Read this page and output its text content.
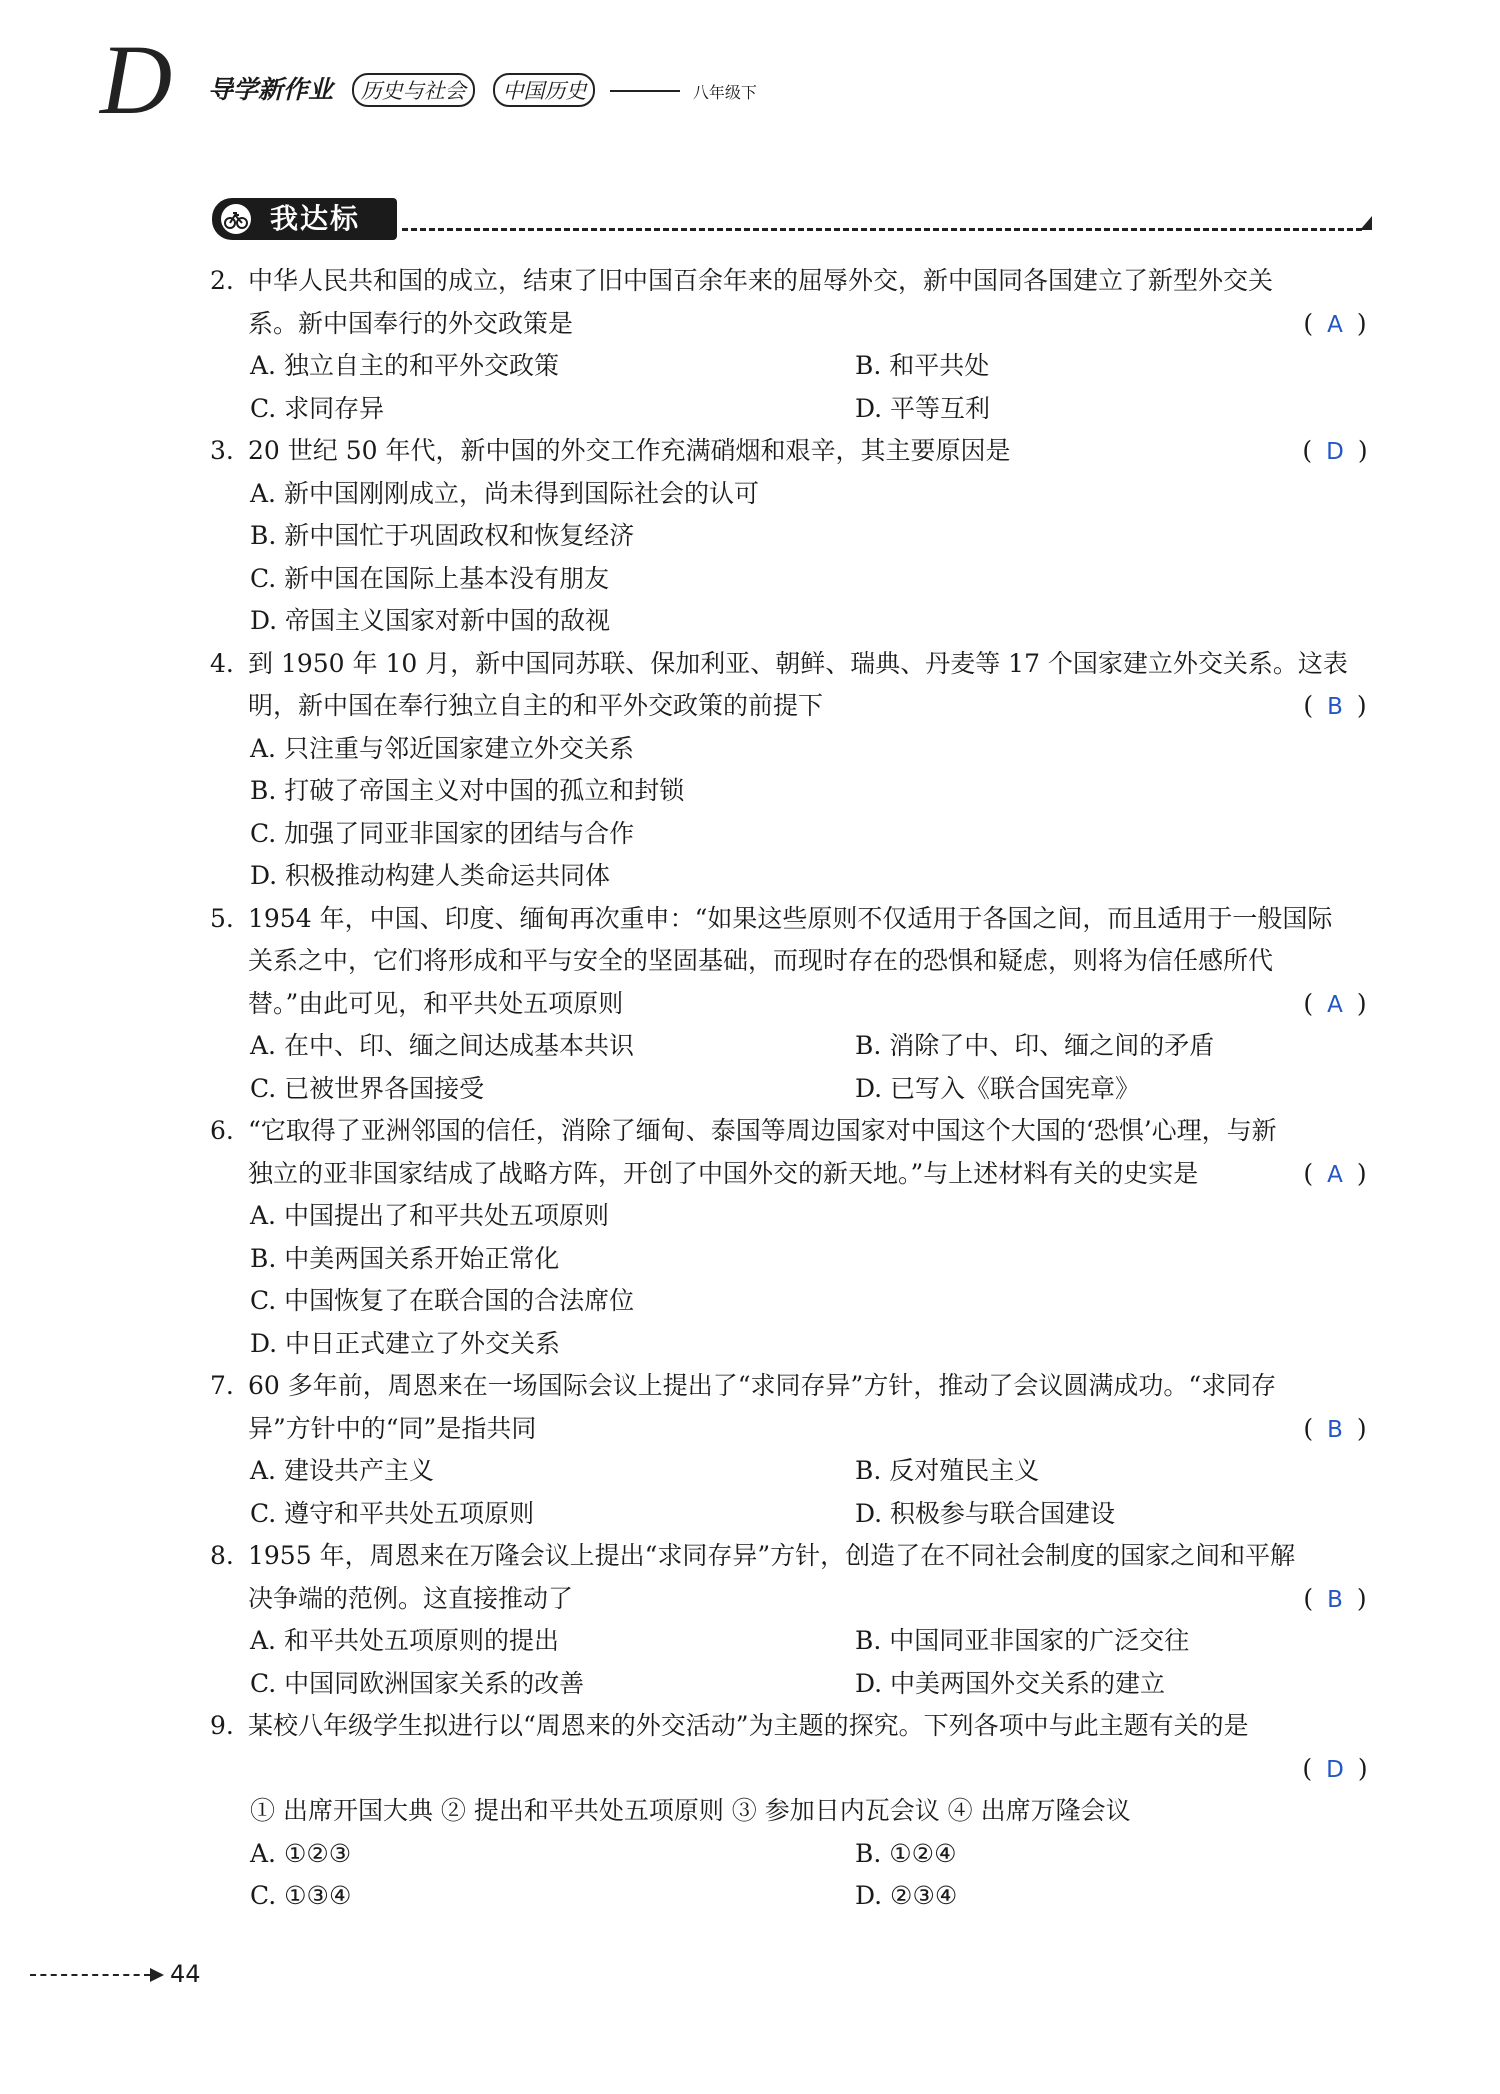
D 导学新作业 历史与社会 中国历史	八年级下
我达标
2. 中华人民共和国的成立，结束了旧中国百余年来的屈辱外交，新中国同各国建立了新型外交关
系。新中国奉行的外交政策是	( A )
A. 独立自主的和平外交政策	B. 和平共处
C. 求同存异	D. 平等互利
3. 20 世纪 50 年代，新中国的外交工作充满硝烟和艰辛，其主要原因是	( D )
A. 新中国刚刚成立，尚未得到国际社会的认可
B. 新中国忙于巩固政权和恢复经济
C. 新中国在国际上基本没有朋友
D. 帝国主义国家对新中国的敌视
4. 到 1950 年 10 月，新中国同苏联、保加利亚、朝鲜、瑞典、丹麦等 17 个国家建立外交关系。这表
明，新中国在奉行独立自主的和平外交政策的前提下	( B )
A. 只注重与邻近国家建立外交关系
B. 打破了帝国主义对中国的孤立和封锁
C. 加强了同亚非国家的团结与合作
D. 积极推动构建人类命运共同体
5. 1954 年，中国、印度、缅甸再次重申：“如果这些原则不仅适用于各国之间，而且适用于一般国际
关系之中，它们将形成和平与安全的坚固基础，而现时存在的恐惧和疑虑，则将为信任感所代
替。”由此可见，和平共处五项原则	( A )
A. 在中、印、缅之间达成基本共识	B. 消除了中、印、缅之间的矛盾
C. 已被世界各国接受	D. 已写入《联合国宪章》
6. “它取得了亚洲邻国的信任，消除了缅甸、泰国等周边国家对中国这个大国的‘恐惧’心理，与新
独立的亚非国家结成了战略方阵，开创了中国外交的新天地。”与上述材料有关的史实是	( A )
A. 中国提出了和平共处五项原则
B. 中美两国关系开始正常化
C. 中国恢复了在联合国的合法席位
D. 中日正式建立了外交关系
7. 60 多年前，周恩来在一场国际会议上提出了“求同存异”方针，推动了会议圆满成功。“求同存
异”方针中的“同”是指共同	( B )
A. 建设共产主义	B. 反对殖民主义
C. 遵守和平共处五项原则	D. 积极参与联合国建设
8. 1955 年，周恩来在万隆会议上提出“求同存异”方针，创造了在不同社会制度的国家之间和平解
决争端的范例。这直接推动了	( B )
A. 和平共处五项原则的提出	B. 中国同亚非国家的广泛交往
C. 中国同欧洲国家关系的改善	D. 中美两国外交关系的建立
9. 某校八年级学生拟进行以“周恩来的外交活动”为主题的探究。下列各项中与此主题有关的是
( D )
① 出席开国大典 ② 提出和平共处五项原则 ③ 参加日内瓦会议 ④ 出席万隆会议
A. ①②③	B. ①②④
C. ①③④	D. ②③④
44
